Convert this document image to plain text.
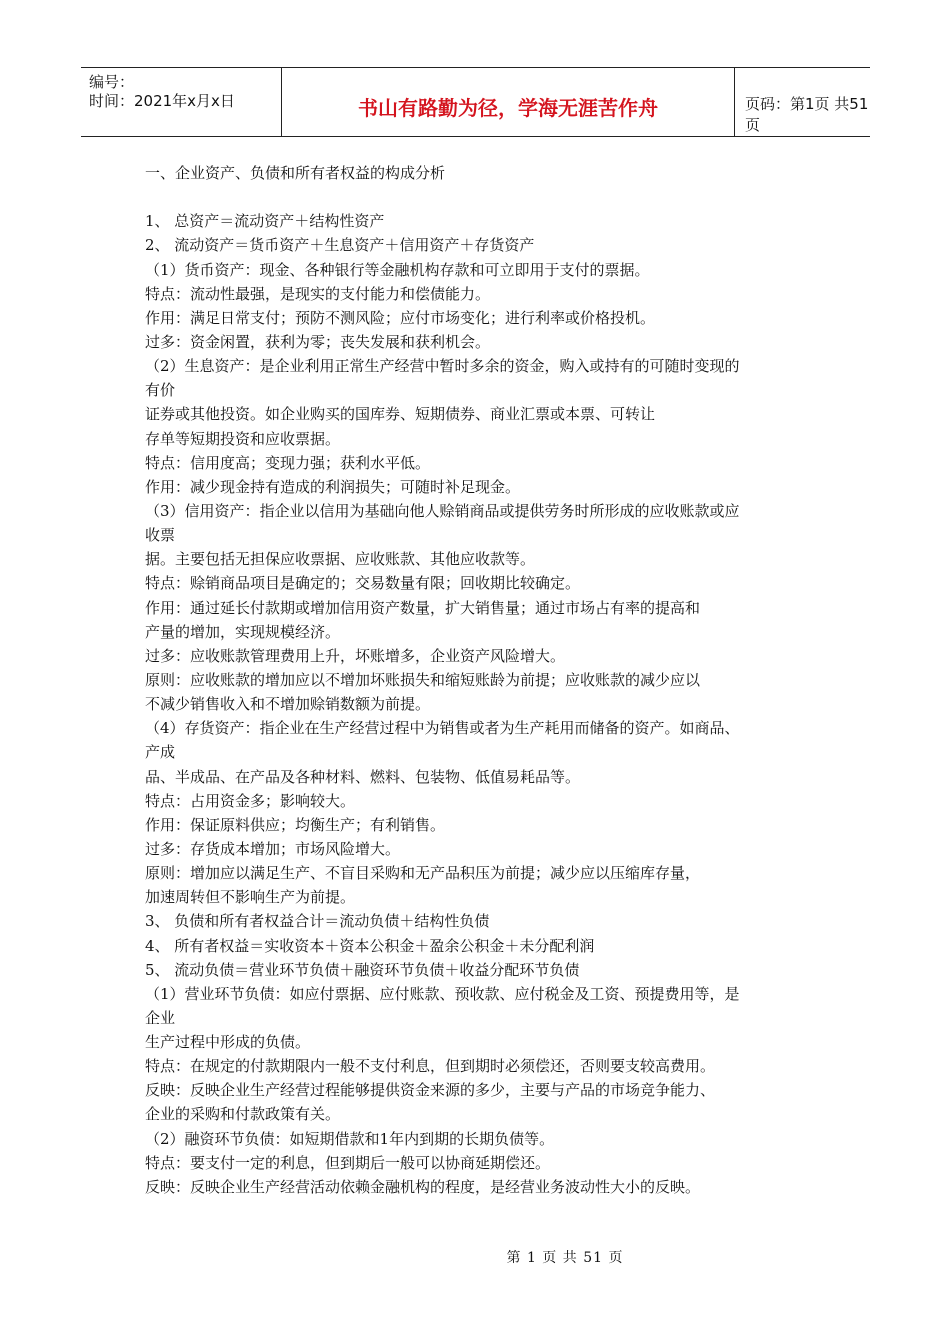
编号：
时间：2021年x月x日	书山有路勤为径，学海无涯苦作舟	页码：第1页 共51页
一、企业资产、负债和所有者权益的构成分析
1、 总资产＝流动资产＋结构性资产
2、 流动资产＝货币资产＋生息资产＋信用资产＋存货资产
（1）货币资产：现金、各种银行等金融机构存款和可立即用于支付的票据。
特点：流动性最强，是现实的支付能力和偿债能力。
作用：满足日常支付；预防不测风险；应付市场变化；进行利率或价格投机。
过多：资金闲置，获利为零；丧失发展和获利机会。
（2）生息资产：是企业利用正常生产经营中暂时多余的资金，购入或持有的可随时变现的
有价
证券或其他投资。如企业购买的国库券、短期债券、商业汇票或本票、可转让
存单等短期投资和应收票据。
特点：信用度高；变现力强；获利水平低。
作用：减少现金持有造成的利润损失；可随时补足现金。
（3）信用资产：指企业以信用为基础向他人赊销商品或提供劳务时所形成的应收账款或应
收票
据。主要包括无担保应收票据、应收账款、其他应收款等。
特点：赊销商品项目是确定的；交易数量有限；回收期比较确定。
作用：通过延长付款期或增加信用资产数量，扩大销售量；通过市场占有率的提高和
产量的增加，实现规模经济。
过多：应收账款管理费用上升，坏账增多，企业资产风险增大。
原则：应收账款的增加应以不增加坏账损失和缩短账龄为前提；应收账款的减少应以
不减少销售收入和不增加赊销数额为前提。
（4）存货资产：指企业在生产经营过程中为销售或者为生产耗用而储备的资产。如商品、
产成
品、半成品、在产品及各种材料、燃料、包装物、低值易耗品等。
特点：占用资金多；影响较大。
作用：保证原料供应；均衡生产；有利销售。
过多：存货成本增加；市场风险增大。
原则：增加应以满足生产、不盲目采购和无产品积压为前提；减少应以压缩库存量，
加速周转但不影响生产为前提。
3、 负债和所有者权益合计＝流动负债＋结构性负债
4、 所有者权益＝实收资本＋资本公积金＋盈余公积金＋未分配利润
5、 流动负债＝营业环节负债＋融资环节负债＋收益分配环节负债
（1）营业环节负债：如应付票据、应付账款、预收款、应付税金及工资、预提费用等，是
企业
生产过程中形成的负债。
特点：在规定的付款期限内一般不支付利息，但到期时必须偿还，否则要支较高费用。
反映：反映企业生产经营过程能够提供资金来源的多少，主要与产品的市场竞争能力、
企业的采购和付款政策有关。
（2）融资环节负债：如短期借款和1年内到期的长期负债等。
特点：要支付一定的利息，但到期后一般可以协商延期偿还。
反映：反映企业生产经营活动依赖金融机构的程度，是经营业务波动性大小的反映。
第 1 页 共 51 页
